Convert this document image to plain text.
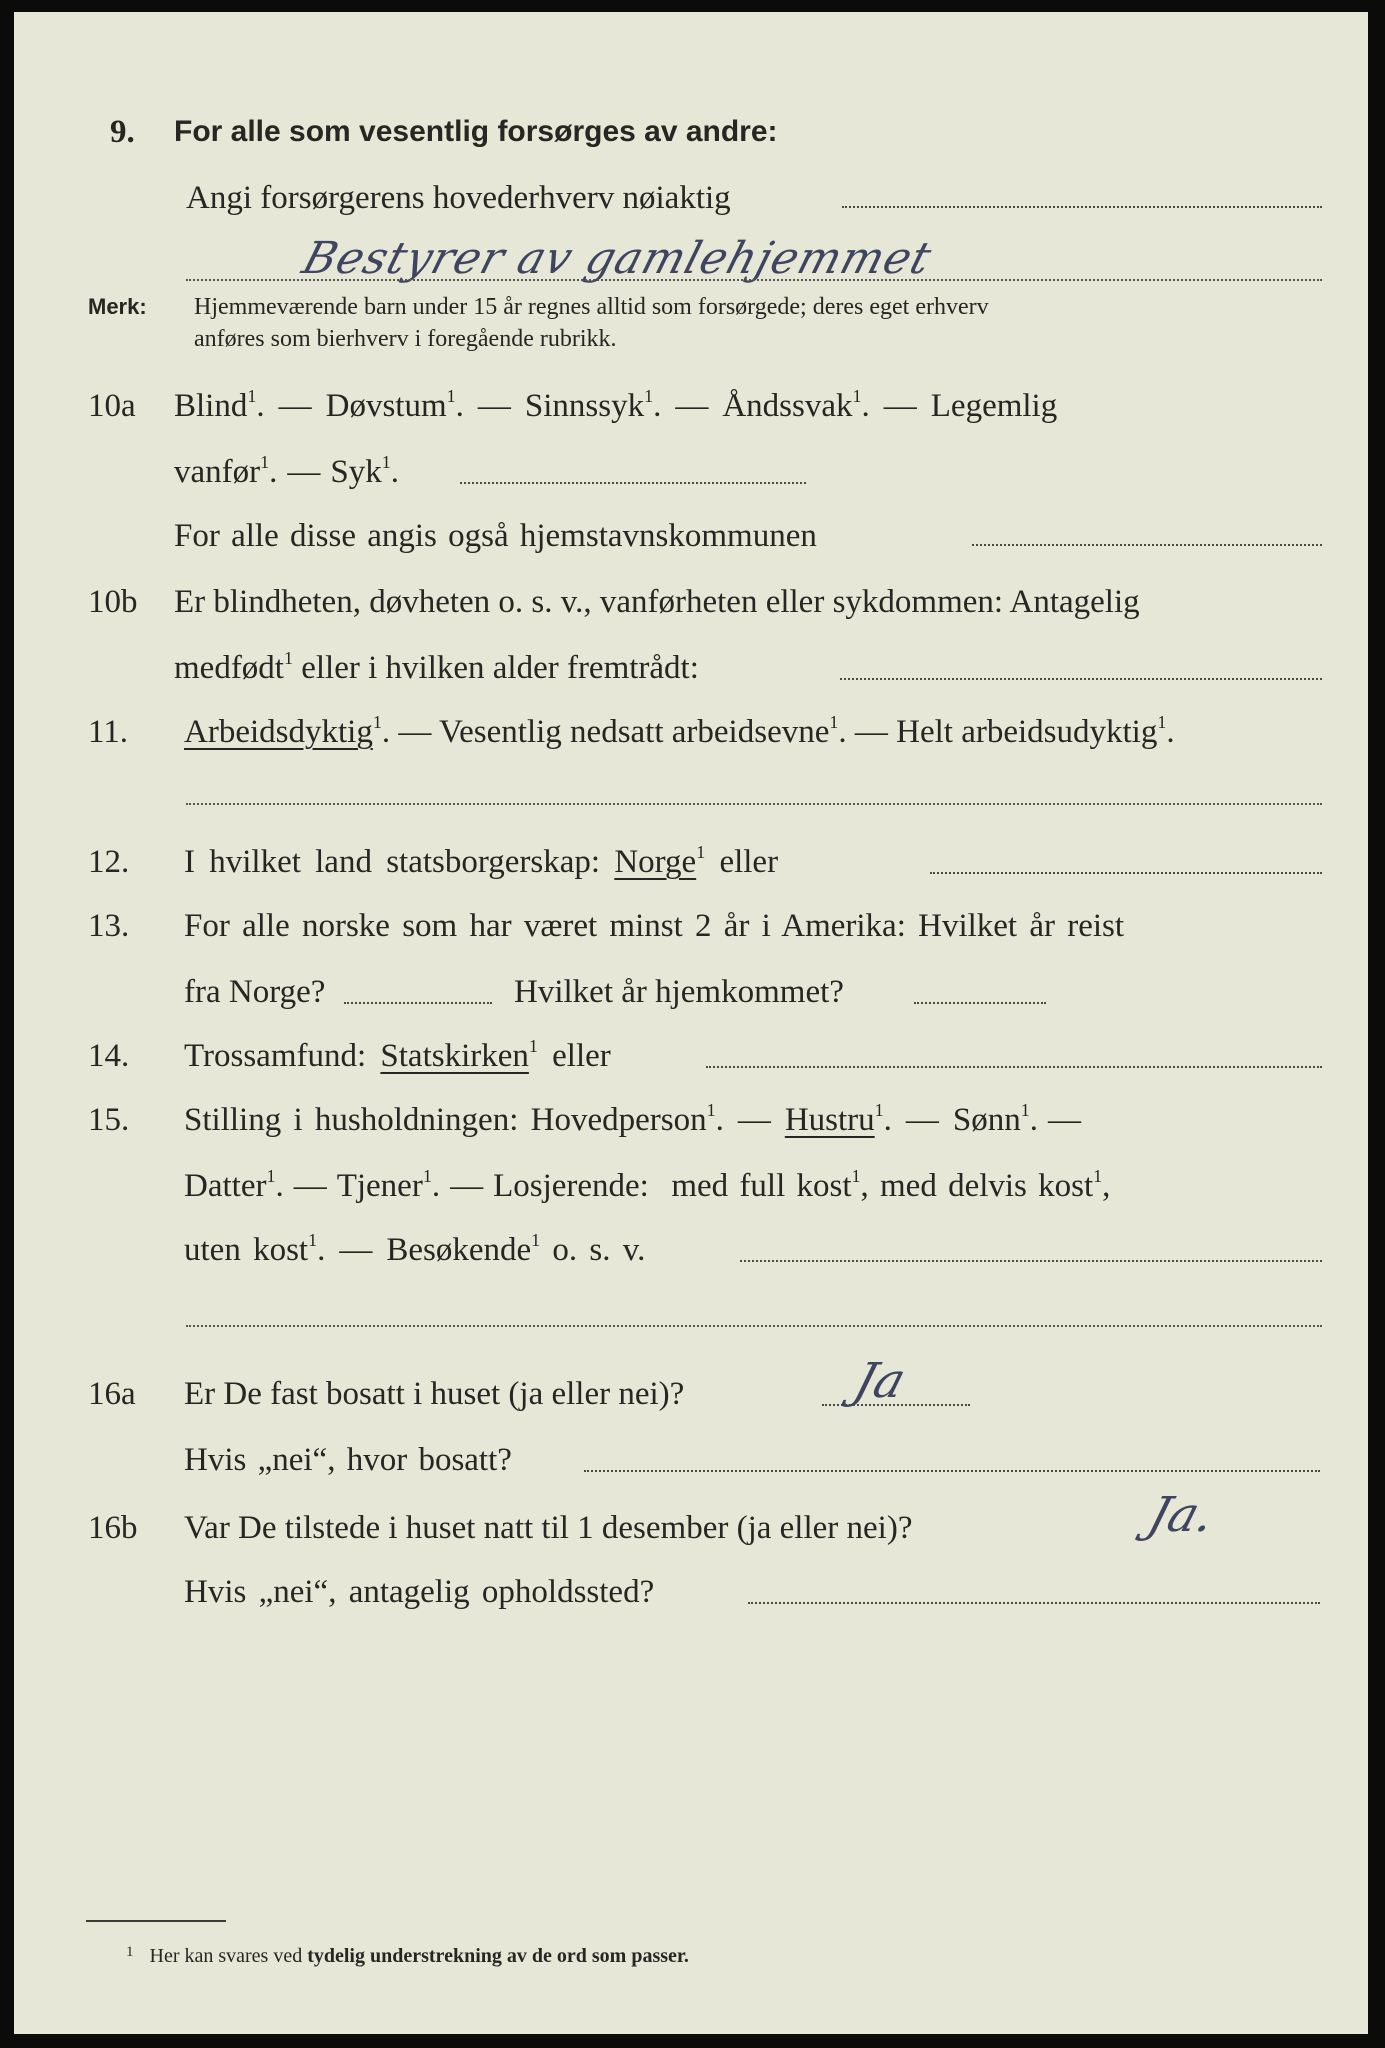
9. For alle som vesentlig forsørges av andre:
Angi forsørgerens hovederhverv nøiaktig
Bestyrer av gamlehjemmet
Merk: Hjemmeværende barn under 15 år regnes alltid som forsørgede; deres eget erhverv
anføres som bierhverv i foregående rubrikk.
10a Blind$^1$. — Døvstum$^1$. — Sinnssyk$^1$. — Åndssvak$^1$. — Legemlig
vanfør$^1$. — Syk$^1$.
For alle disse angis også hjemstavnskommunen
10b Er blindheten, døvheten o. s. v., vanførheten eller sykdommen: Antagelig
medfødt$^1$ eller i hvilken alder fremtrådt:
11. Arbeidsdyktig$^1$. — Vesentlig nedsatt arbeidsevne$^1$. — Helt arbeidsudyktig$^1$.
12. I hvilket land statsborgerskap: Norge$^1$ eller
13. For alle norske som har været minst 2 år i Amerika: Hvilket år reist
fra Norge?	Hvilket år hjemkommet?
14. Trossamfund: Statskirken$^1$ eller
15. Stilling i husholdningen: Hovedperson$^1$. — Hustru$^1$. — Sønn$^1$. —
Datter$^1$. — Tjener$^1$. — Losjerende: med full kost$^1$, med delvis kost$^1$,
uten kost$^1$. — Besøkende$^1$ o. s. v.
16a Er De fast bosatt i huset (ja eller nei)?	Ja
Hvis „nei“, hvor bosatt?
16b Var De tilstede i huset natt til 1 desember (ja eller nei)?	Ja.
Hvis „nei“, antagelig opholdssted?
$^1$ Her kan svares ved tydelig understrekning av de ord som passer.
